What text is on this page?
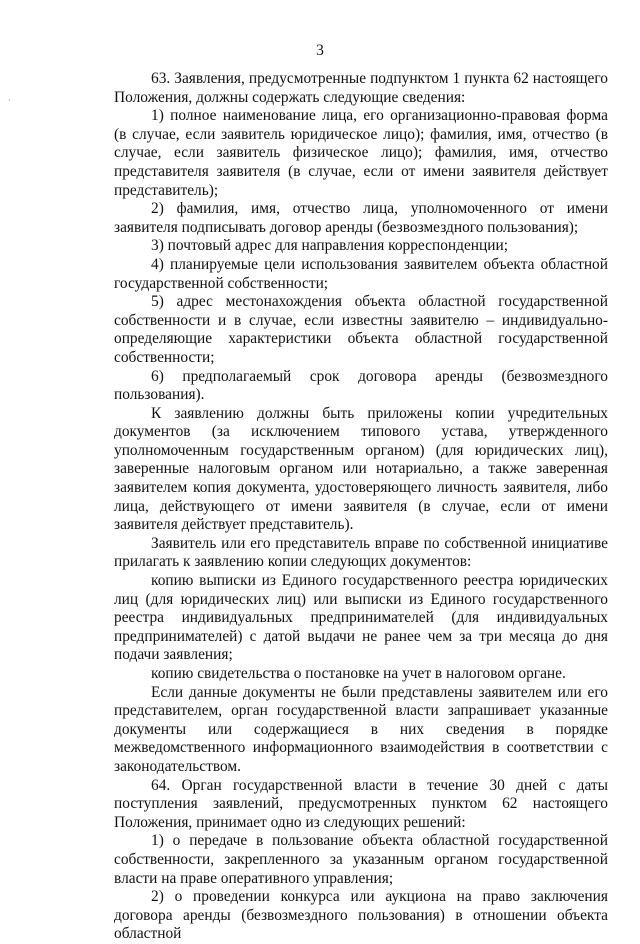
·
3

63. Заявления, предусмотренные подпунктом 1 пункта 62 настоящего Положения, должны содержать следующие сведения:

1) полное наименование лица, его организационно-правовая форма (в случае, если заявитель юридическое лицо); фамилия, имя, отчество (в случае, если заявитель физическое лицо); фамилия, имя, отчество представителя заявителя (в случае, если от имени заявителя действует представитель);

2) фамилия, имя, отчество лица, уполномоченного от имени заявителя подписывать договор аренды (безвозмездного пользования);

3) почтовый адрес для направления корреспонденции;

4) планируемые цели использования заявителем объекта областной государственной собственности;

5) адрес местонахождения объекта областной государственной собственности и в случае, если известны заявителю – индивидуально-определяющие характеристики объекта областной государственной собственности;

6) предполагаемый срок договора аренды (безвозмездного пользования).

К заявлению должны быть приложены копии учредительных документов (за исключением типового устава, утвержденного уполномоченным государственным органом) (для юридических лиц), заверенные налоговым органом или нотариально, а также заверенная заявителем копия документа, удостоверяющего личность заявителя, либо лица, действующего от имени заявителя (в случае, если от имени заявителя действует представитель).

Заявитель или его представитель вправе по собственной инициативе прилагать к заявлению копии следующих документов:

копию выписки из Единого государственного реестра юридических лиц (для юридических лиц) или выписки из Единого государственного реестра индивидуальных предпринимателей (для индивидуальных предпринимателей) с датой выдачи не ранее чем за три месяца до дня подачи заявления;

копию свидетельства о постановке на учет в налоговом органе.

Если данные документы не были представлены заявителем или его представителем, орган государственной власти запрашивает указанные документы или содержащиеся в них сведения в порядке межведомственного информационного взаимодействия в соответствии с законодательством.

64. Орган государственной власти в течение 30 дней с даты поступления заявлений, предусмотренных пунктом 62 настоящего Положения, принимает одно из следующих решений:

1) о передаче в пользование объекта областной государственной собственности, закрепленного за указанным органом государственной власти на праве оперативного управления;

2) о проведении конкурса или аукциона на право заключения договора аренды (безвозмездного пользования) в отношении объекта областной
